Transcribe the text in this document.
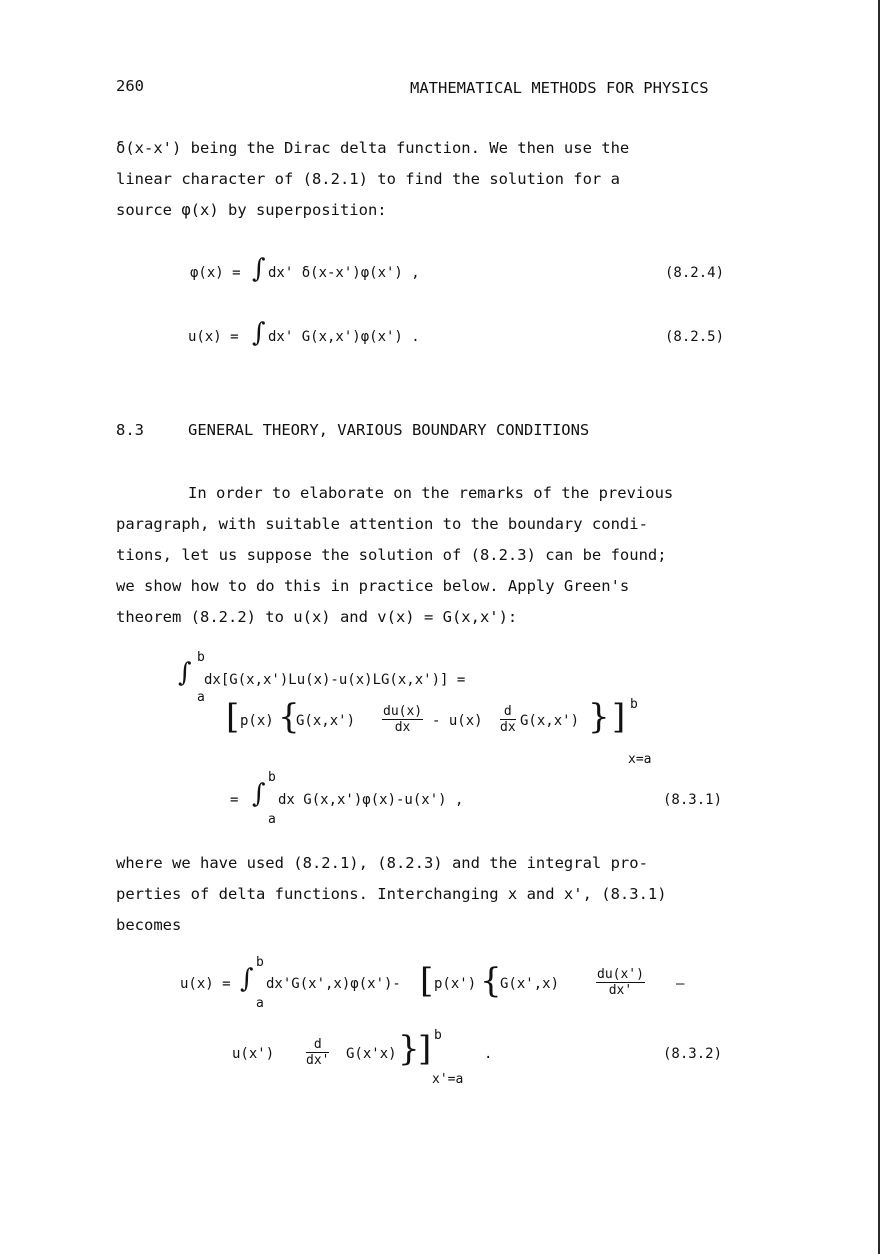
260	MATHEMATICAL METHODS FOR PHYSICS
δ(x-x') being the Dirac delta function. We then use the
linear character of (8.2.1) to find the solution for a
source φ(x) by superposition:
φ(x) = ∫ dx' δ(x-x')φ(x') ,	(8.2.4)
u(x) = ∫ dx' G(x,x')φ(x') .	(8.2.5)
8.3	GENERAL THEORY, VARIOUS BOUNDARY CONDITIONS
In order to elaborate on the remarks of the previous
paragraph, with suitable attention to the boundary condi-
tions, let us suppose the solution of (8.2.3) can be found;
we show how to do this in practice below. Apply Green's
theorem (8.2.2) to u(x) and v(x) = G(x,x'):
b
∫
a
dx[G(x,x')Lu(x)-u(x)LG(x,x')] =
[ p(x) {
$G(x,x') \frac{du(x)}{dx} - u(x) \frac{d}{dx} G(x,x')$ } ] b
x=a
=
b
∫
a
dx G(x,x')φ(x)-u(x') ,	(8.3.1)
where we have used (8.2.1), (8.2.3) and the integral pro-
perties of delta functions. Interchanging x and x', (8.3.1)
becomes
u(x) =
b
∫
a
dx'G(x',x)φ(x')- [ p(x') {
G(x',x)	$\frac{du(x')}{dx'}$ –
$u(x') \frac{d}{dx'} G(x'x)$ }
] b
x'=a
.	(8.3.2)
